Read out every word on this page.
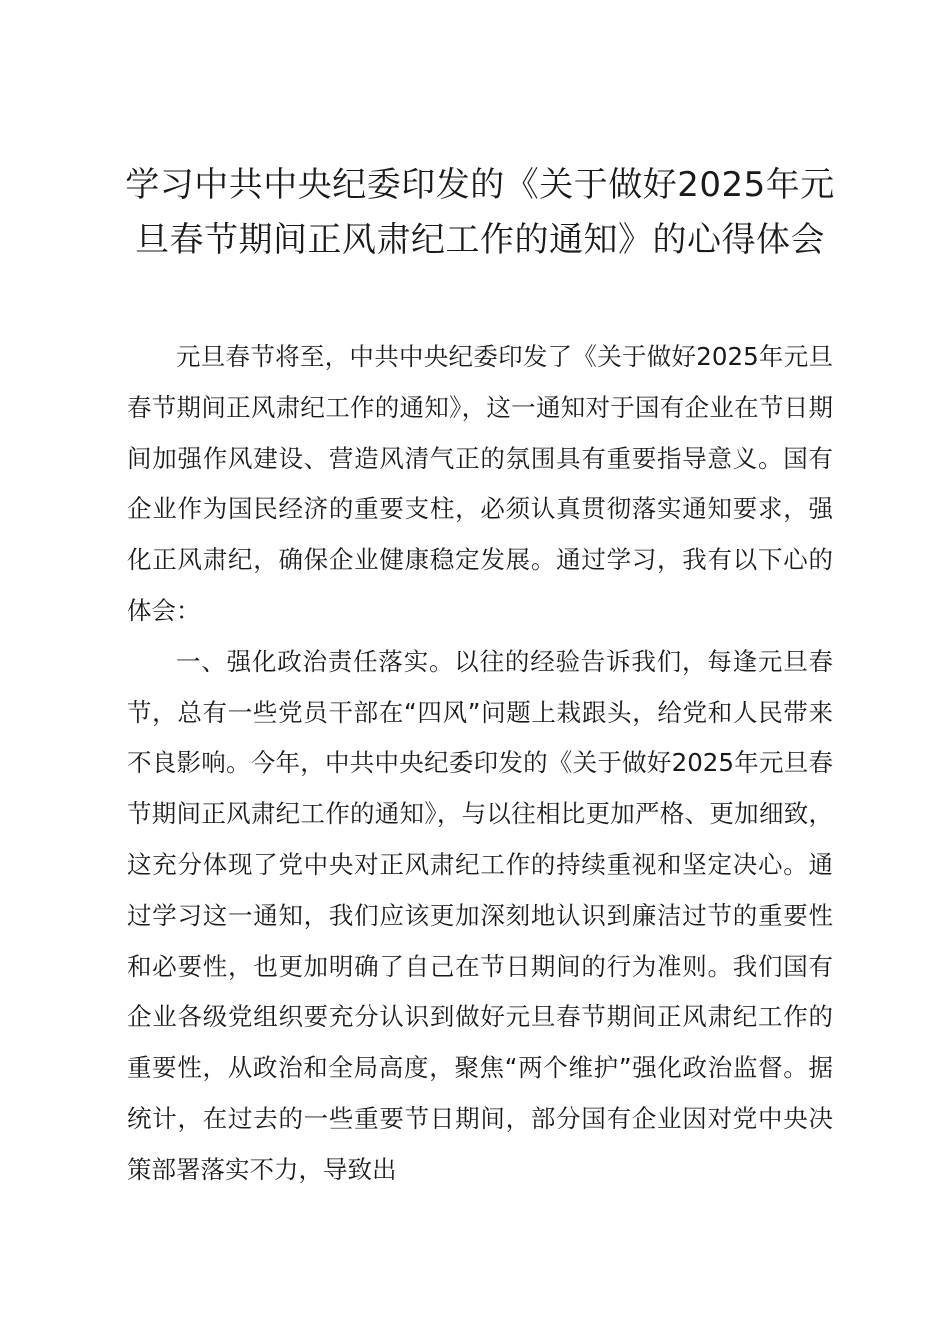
学习中共中央纪委印发的《关于做好2025年元旦春节期间正风肃纪工作的通知》的心得体会

元旦春节将至，中共中央纪委印发了《关于做好2025年元旦春节期间正风肃纪工作的通知》，这一通知对于国有企业在节日期间加强作风建设、营造风清气正的氛围具有重要指导意义。国有企业作为国民经济的重要支柱，必须认真贯彻落实通知要求，强化正风肃纪，确保企业健康稳定发展。通过学习，我有以下心的体会：

一、强化政治责任落实。以往的经验告诉我们，每逢元旦春节，总有一些党员干部在“四风”问题上栽跟头，给党和人民带来不良影响。今年，中共中央纪委印发的《关于做好2025年元旦春节期间正风肃纪工作的通知》，与以往相比更加严格、更加细致，这充分体现了党中央对正风肃纪工作的持续重视和坚定决心。通过学习这一通知，我们应该更加深刻地认识到廉洁过节的重要性和必要性，也更加明确了自己在节日期间的行为准则。我们国有企业各级党组织要充分认识到做好元旦春节期间正风肃纪工作的重要性，从政治和全局高度，聚焦“两个维护”强化政治监督。据统计，在过去的一些重要节日期间，部分国有企业因对党中央决策部署落实不力，导致出
